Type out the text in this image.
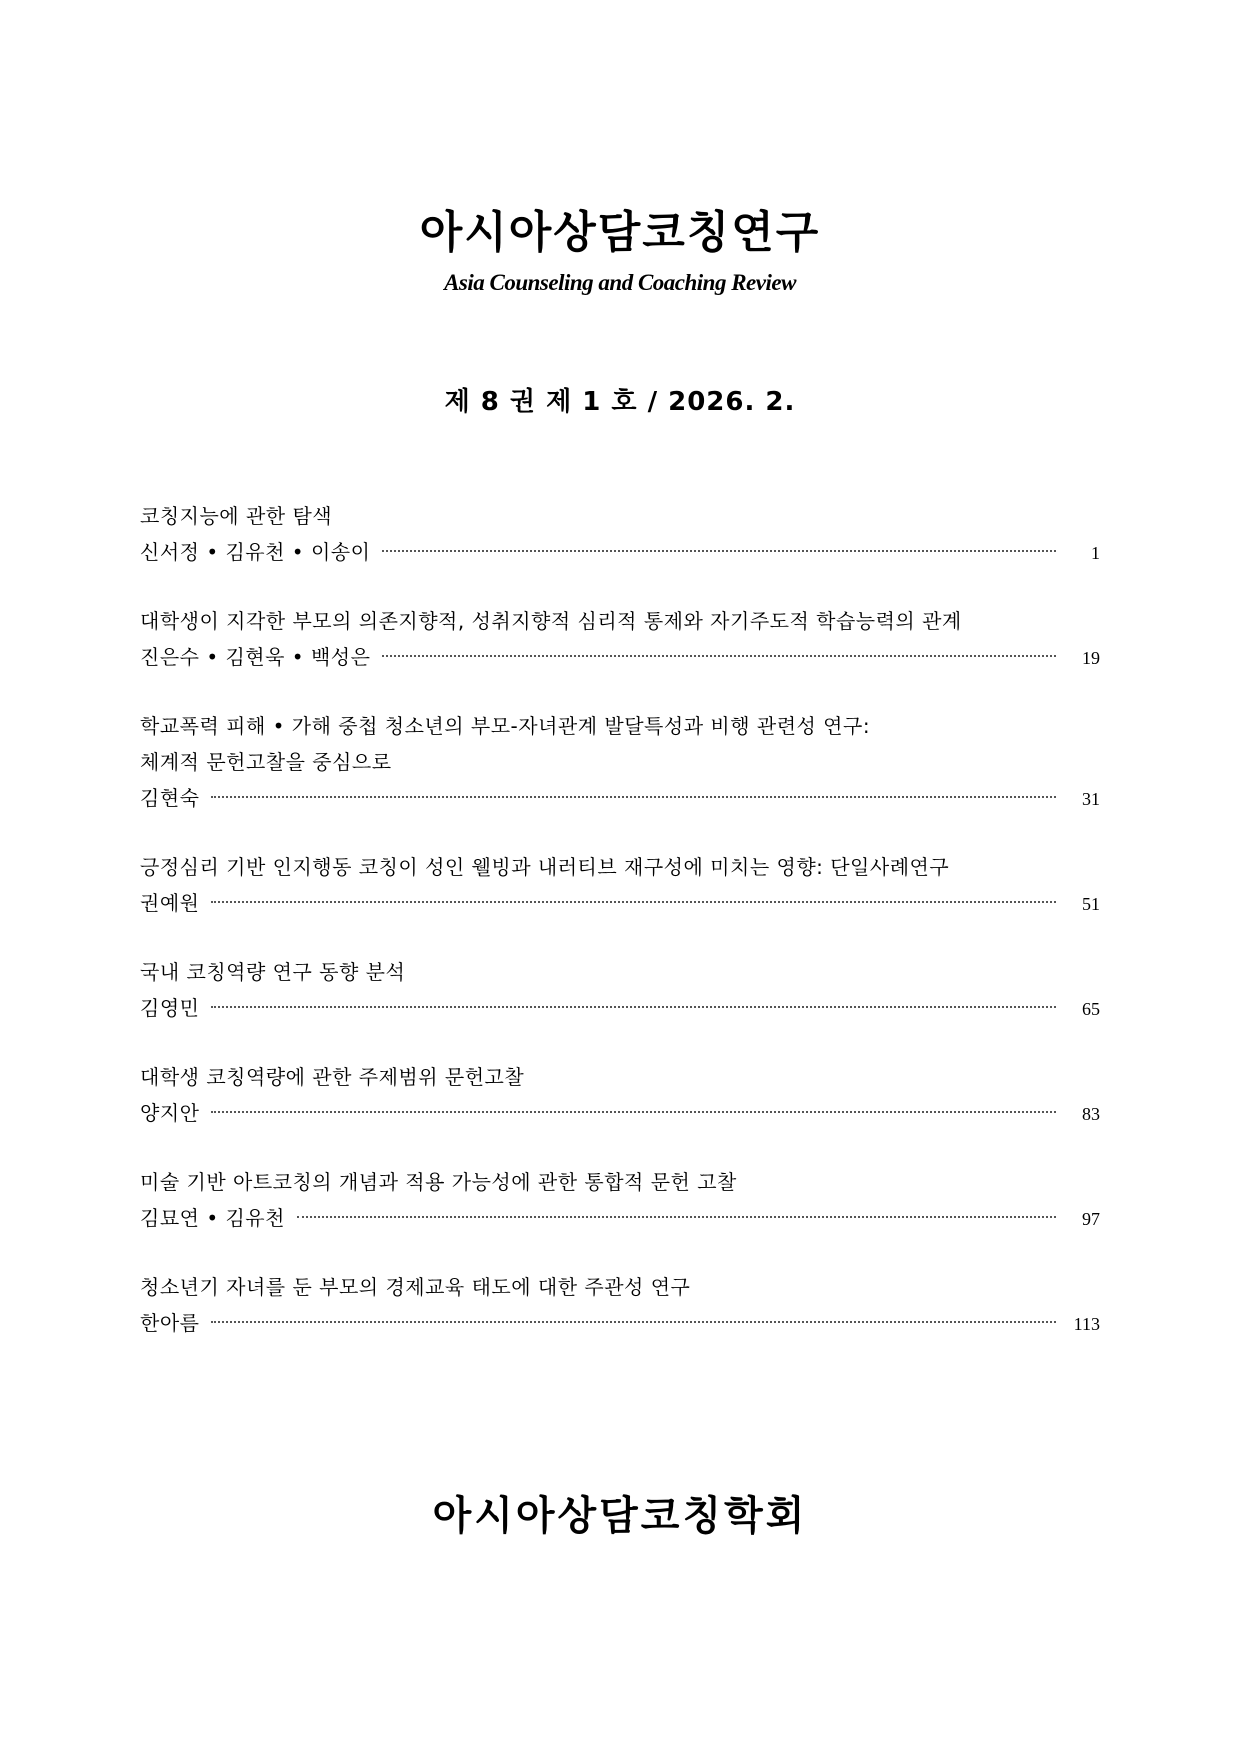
아시아상담코칭연구
Asia Counseling and Coaching Review
제 8 권 제 1 호 / 2026. 2.
코칭지능에 관한 탐색
신서정 • 김유천 • 이송이	1
대학생이 지각한 부모의 의존지향적, 성취지향적 심리적 통제와 자기주도적 학습능력의 관계
진은수 • 김현욱 • 백성은	19
학교폭력 피해 • 가해 중첩 청소년의 부모-자녀관계 발달특성과 비행 관련성 연구:
체계적 문헌고찰을 중심으로
김현숙	31
긍정심리 기반 인지행동 코칭이 성인 웰빙과 내러티브 재구성에 미치는 영향: 단일사례연구
권예원	51
국내 코칭역량 연구 동향 분석
김영민	65
대학생 코칭역량에 관한 주제범위 문헌고찰
양지안	83
미술 기반 아트코칭의 개념과 적용 가능성에 관한 통합적 문헌 고찰
김묘연 • 김유천	97
청소년기 자녀를 둔 부모의 경제교육 태도에 대한 주관성 연구
한아름	113
아시아상담코칭학회
